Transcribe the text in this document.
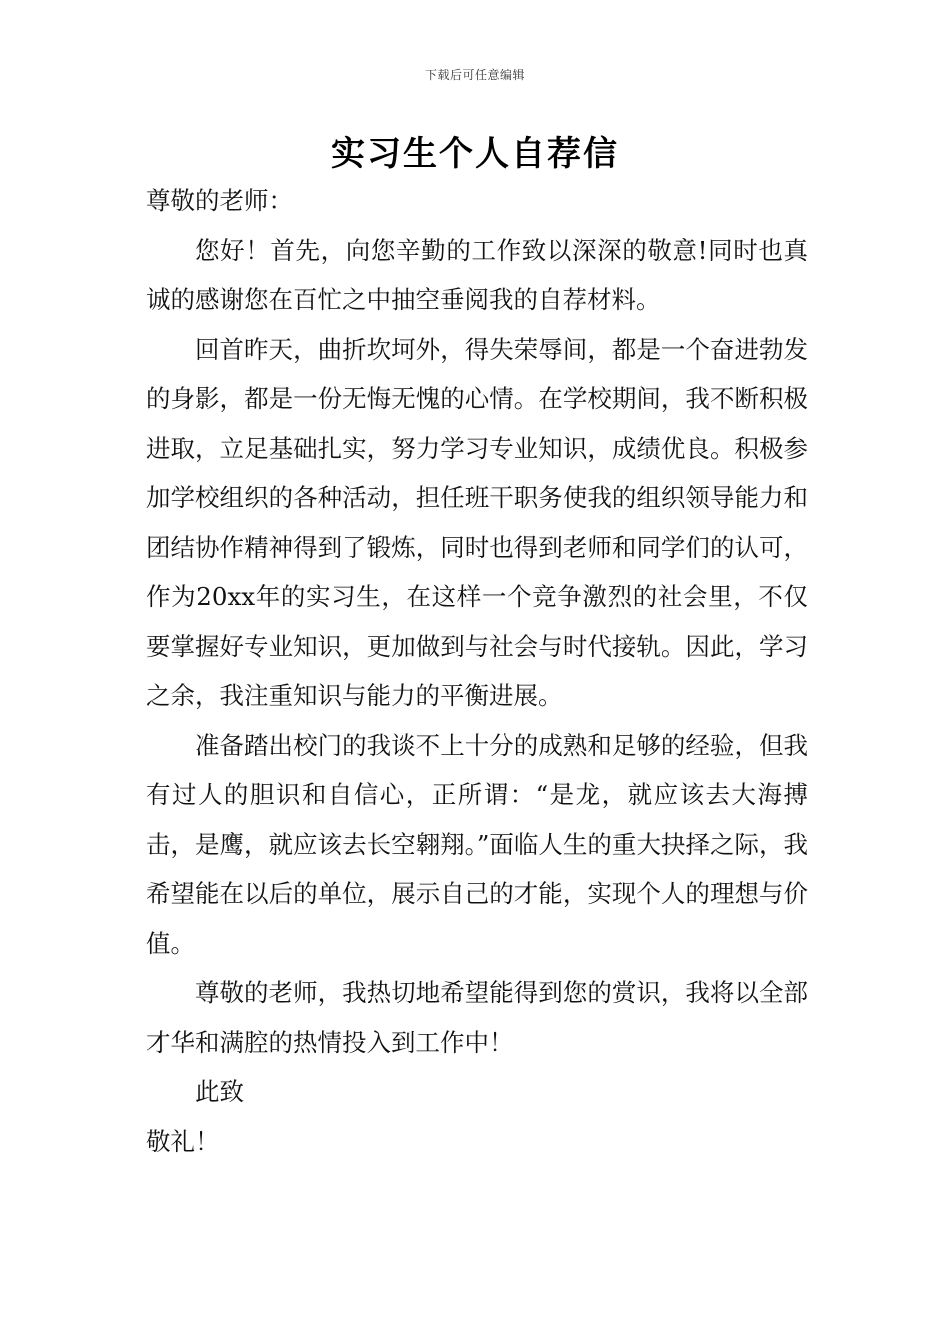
下载后可任意编辑
实习生个人自荐信

尊敬的老师：

您好！首先，向您辛勤的工作致以深深的敬意!同时也真诚的感谢您在百忙之中抽空垂阅我的自荐材料。

回首昨天，曲折坎坷外，得失荣辱间，都是一个奋进勃发的身影，都是一份无悔无愧的心情。在学校期间，我不断积极进取，立足基础扎实，努力学习专业知识，成绩优良。积极参加学校组织的各种活动，担任班干职务使我的组织领导能力和团结协作精神得到了锻炼，同时也得到老师和同学们的认可，作为20xx年的实习生，在这样一个竞争激烈的社会里，不仅要掌握好专业知识，更加做到与社会与时代接轨。因此，学习之余，我注重知识与能力的平衡进展。

准备踏出校门的我谈不上十分的成熟和足够的经验，但我有过人的胆识和自信心，正所谓：“是龙，就应该去大海搏击，是鹰，就应该去长空翱翔。”面临人生的重大抉择之际，我希望能在以后的单位，展示自己的才能，实现个人的理想与价值。

尊敬的老师，我热切地希望能得到您的赏识，我将以全部才华和满腔的热情投入到工作中！

此致

敬礼！
